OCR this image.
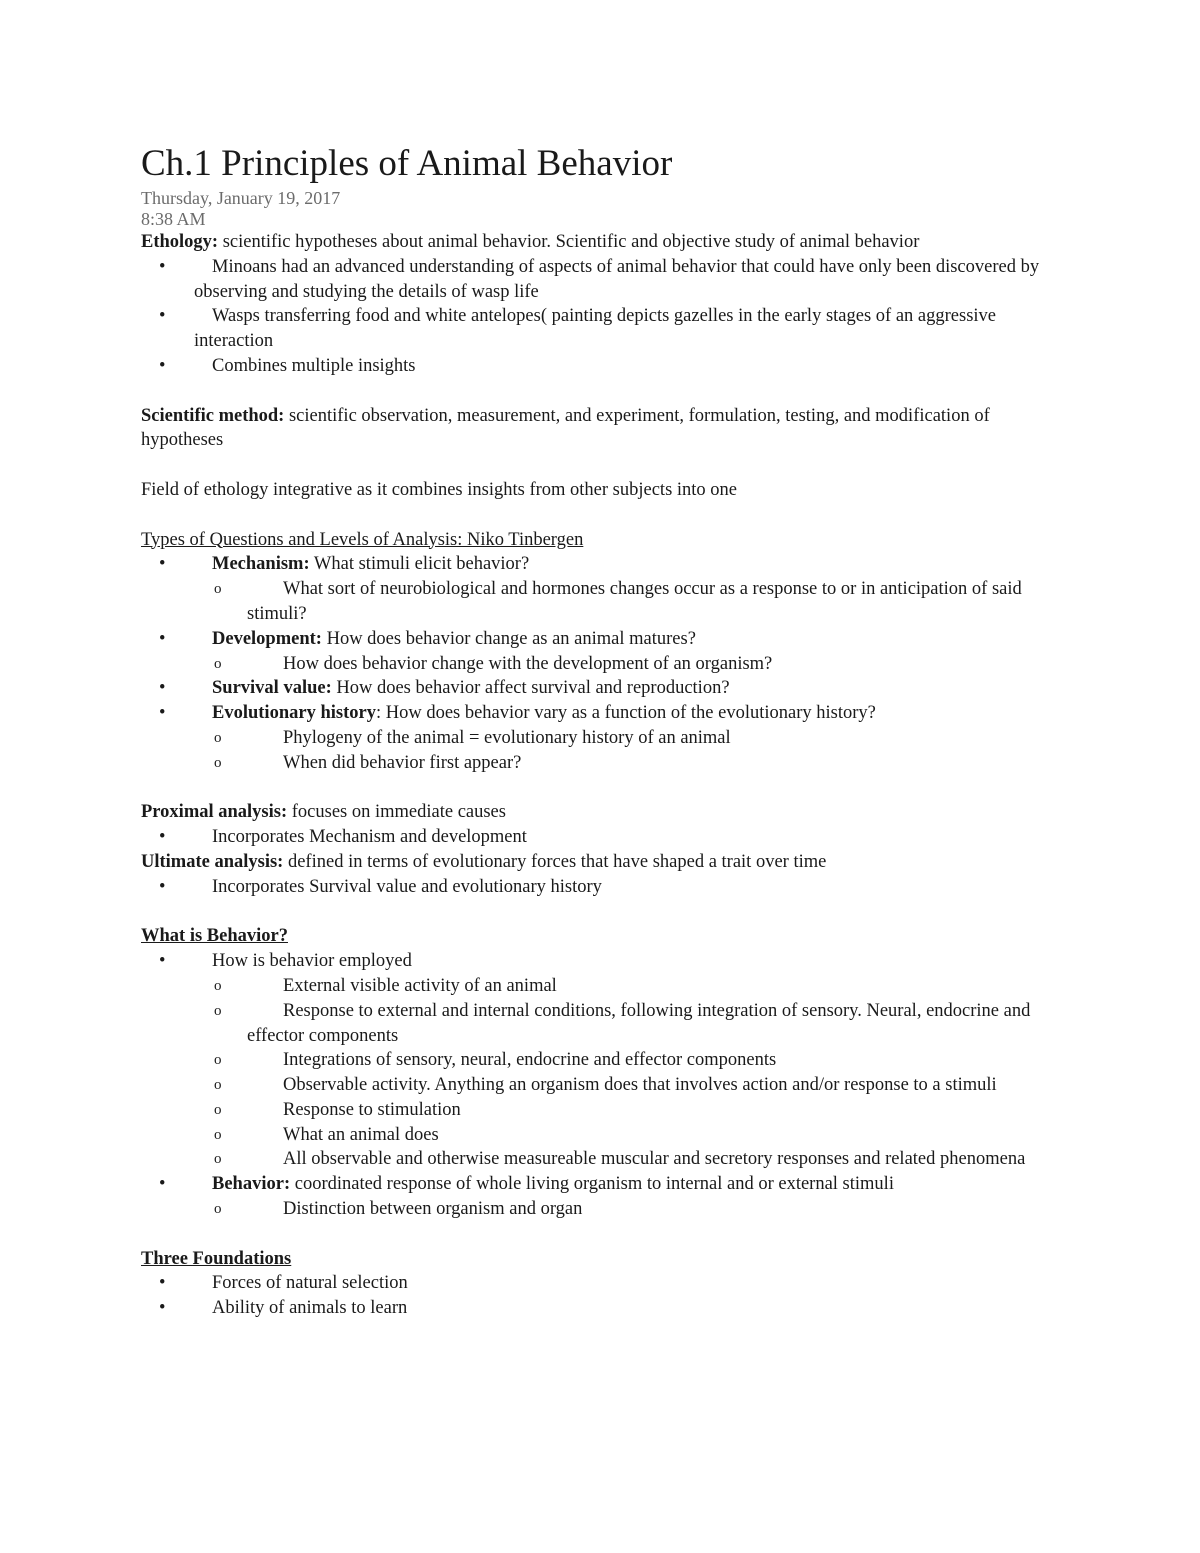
Ch.1 Principles of Animal Behavior
Thursday, January 19, 2017
8:38 AM

Ethology: scientific hypotheses about animal behavior. Scientific and objective study of animal behavior

•	Minoans had an advanced understanding of aspects of animal behavior that could have only been discovered by observing and studying the details of wasp life

•	Wasps transferring food and white antelopes( painting depicts gazelles in the early stages of an aggressive interaction

•	Combines multiple insights

Scientific method: scientific observation, measurement, and experiment, formulation, testing, and modification of hypotheses

Field of ethology integrative as it combines insights from other subjects into one

Types of Questions and Levels of Analysis: Niko Tinbergen

•	Mechanism: What stimuli elicit behavior?

o	What sort of neurobiological and hormones changes occur as a response to or in anticipation of said stimuli?

•	Development: How does behavior change as an animal matures?

o	How does behavior change with the development of an organism?

•	Survival value: How does behavior affect survival and reproduction?

•	Evolutionary history: How does behavior vary as a function of the evolutionary history?

o	Phylogeny of the animal = evolutionary history of an animal

o	When did behavior first appear?

Proximal analysis: focuses on immediate causes

•	Incorporates Mechanism and development

Ultimate analysis: defined in terms of evolutionary forces that have shaped a trait over time

•	Incorporates Survival value and evolutionary history

What is Behavior?

•	How is behavior employed

o	External visible activity of an animal

o	Response to external and internal conditions, following integration of sensory. Neural, endocrine and effector components

o	Integrations of sensory, neural, endocrine and effector components

o	Observable activity. Anything an organism does that involves action and/or response to a stimuli

o	Response to stimulation

o	What an animal does

o	All observable and otherwise measureable muscular and secretory responses and related phenomena

•	Behavior: coordinated response of whole living organism to internal and or external stimuli

o	Distinction between organism and organ

Three Foundations

•	Forces of natural selection

•	Ability of animals to learn
